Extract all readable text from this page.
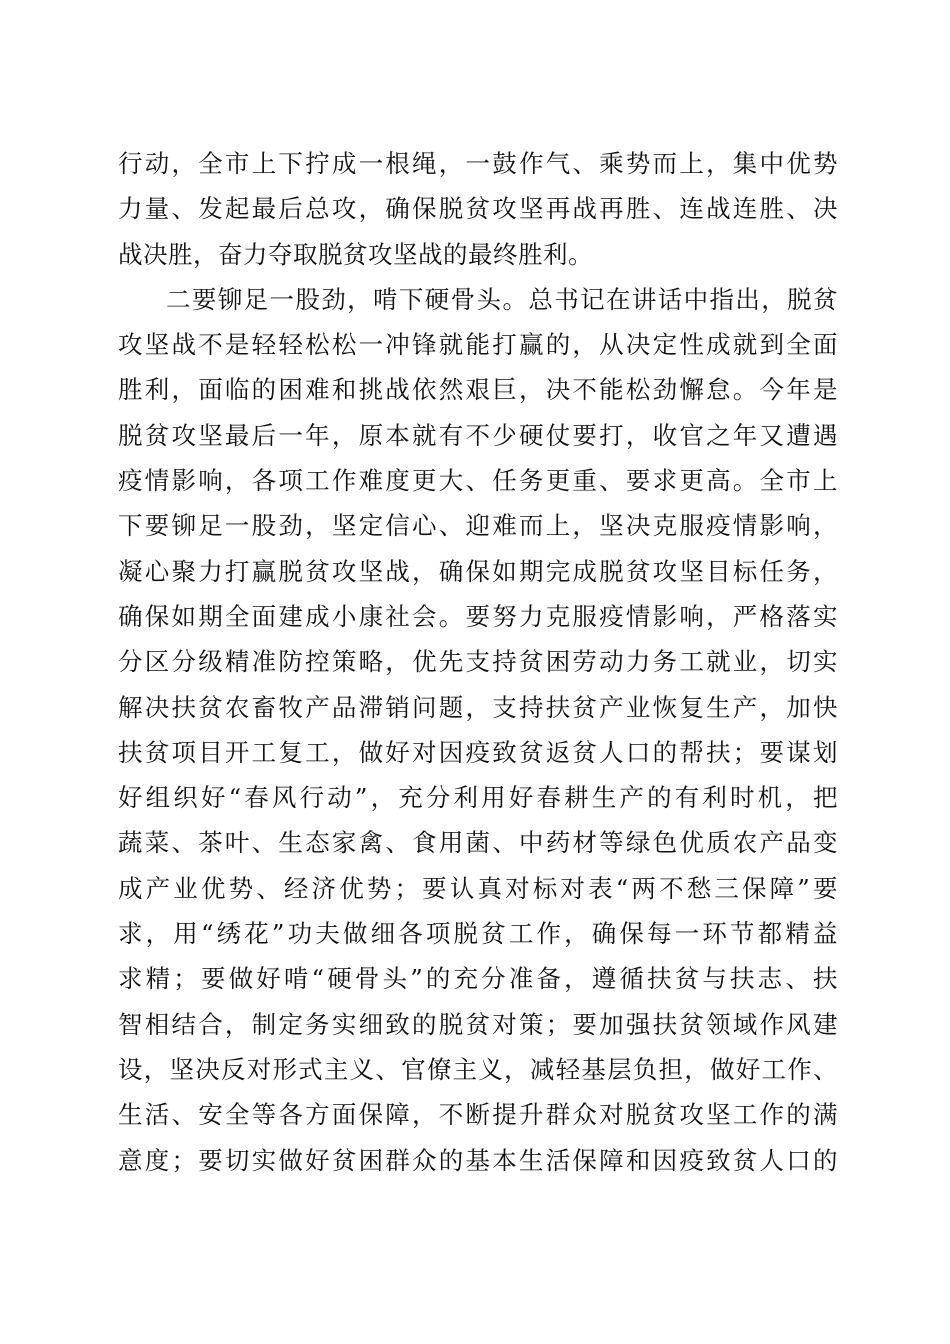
行动，全市上下拧成一根绳，一鼓作气、乘势而上，集中优势
力量、发起最后总攻，确保脱贫攻坚再战再胜、连战连胜、决
战决胜，奋力夺取脱贫攻坚战的最终胜利。
二要铆足一股劲，啃下硬骨头。总书记在讲话中指出，脱贫
攻坚战不是轻轻松松一冲锋就能打赢的，从决定性成就到全面
胜利，面临的困难和挑战依然艰巨，决不能松劲懈怠。今年是
脱贫攻坚最后一年，原本就有不少硬仗要打，收官之年又遭遇
疫情影响，各项工作难度更大、任务更重、要求更高。全市上
下要铆足一股劲，坚定信心、迎难而上，坚决克服疫情影响，
凝心聚力打赢脱贫攻坚战，确保如期完成脱贫攻坚目标任务，
确保如期全面建成小康社会。要努力克服疫情影响，严格落实
分区分级精准防控策略，优先支持贫困劳动力务工就业，切实
解决扶贫农畜牧产品滞销问题，支持扶贫产业恢复生产，加快
扶贫项目开工复工，做好对因疫致贫返贫人口的帮扶；要谋划
好组织好“春风行动”，充分利用好春耕生产的有利时机，把
蔬菜、茶叶、生态家禽、食用菌、中药材等绿色优质农产品变
成产业优势、经济优势；要认真对标对表“两不愁三保障”要
求，用“绣花”功夫做细各项脱贫工作，确保每一环节都精益
求精；要做好啃“硬骨头”的充分准备，遵循扶贫与扶志、扶
智相结合，制定务实细致的脱贫对策；要加强扶贫领域作风建
设，坚决反对形式主义、官僚主义，减轻基层负担，做好工作、
生活、安全等各方面保障，不断提升群众对脱贫攻坚工作的满
意度；要切实做好贫困群众的基本生活保障和因疫致贫人口的
